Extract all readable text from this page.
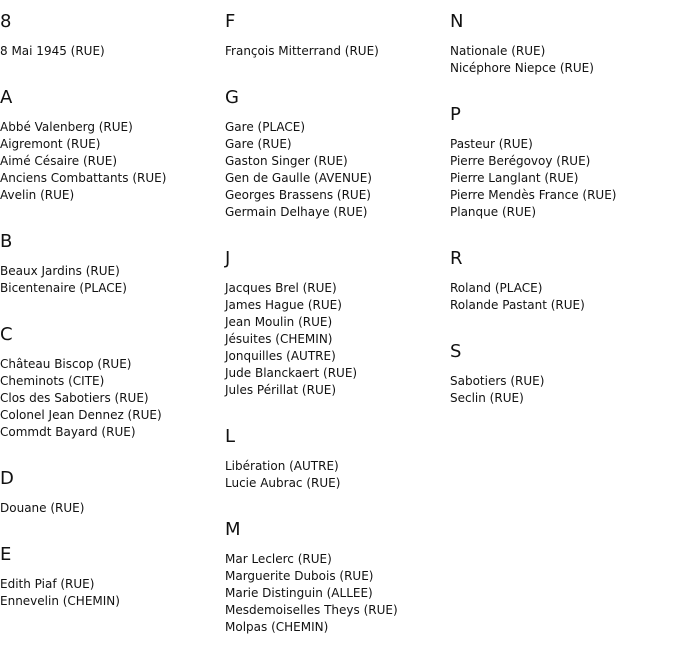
8
8 Mai 1945 (RUE)
A
Abbé Valenberg (RUE)
Aigremont (RUE)
Aimé Césaire (RUE)
Anciens Combattants (RUE)
Avelin (RUE)
B
Beaux Jardins (RUE)
Bicentenaire (PLACE)
C
Château Biscop (RUE)
Cheminots (CITE)
Clos des Sabotiers (RUE)
Colonel Jean Dennez (RUE)
Commdt Bayard (RUE)
D
Douane (RUE)
E
Edith Piaf (RUE)
Ennevelin (CHEMIN)
F
François Mitterrand (RUE)
G
Gare (PLACE)
Gare (RUE)
Gaston Singer (RUE)
Gen de Gaulle (AVENUE)
Georges Brassens (RUE)
Germain Delhaye (RUE)
J
Jacques Brel (RUE)
James Hague (RUE)
Jean Moulin (RUE)
Jésuites (CHEMIN)
Jonquilles (AUTRE)
Jude Blanckaert (RUE)
Jules Périllat (RUE)
L
Libération (AUTRE)
Lucie Aubrac (RUE)
M
Mar Leclerc (RUE)
Marguerite Dubois (RUE)
Marie Distinguin (ALLEE)
Mesdemoiselles Theys (RUE)
Molpas (CHEMIN)
N
Nationale (RUE)
Nicéphore Niepce (RUE)
P
Pasteur (RUE)
Pierre Berégovoy (RUE)
Pierre Langlant (RUE)
Pierre Mendès France (RUE)
Planque (RUE)
R
Roland (PLACE)
Rolande Pastant (RUE)
S
Sabotiers (RUE)
Seclin (RUE)
